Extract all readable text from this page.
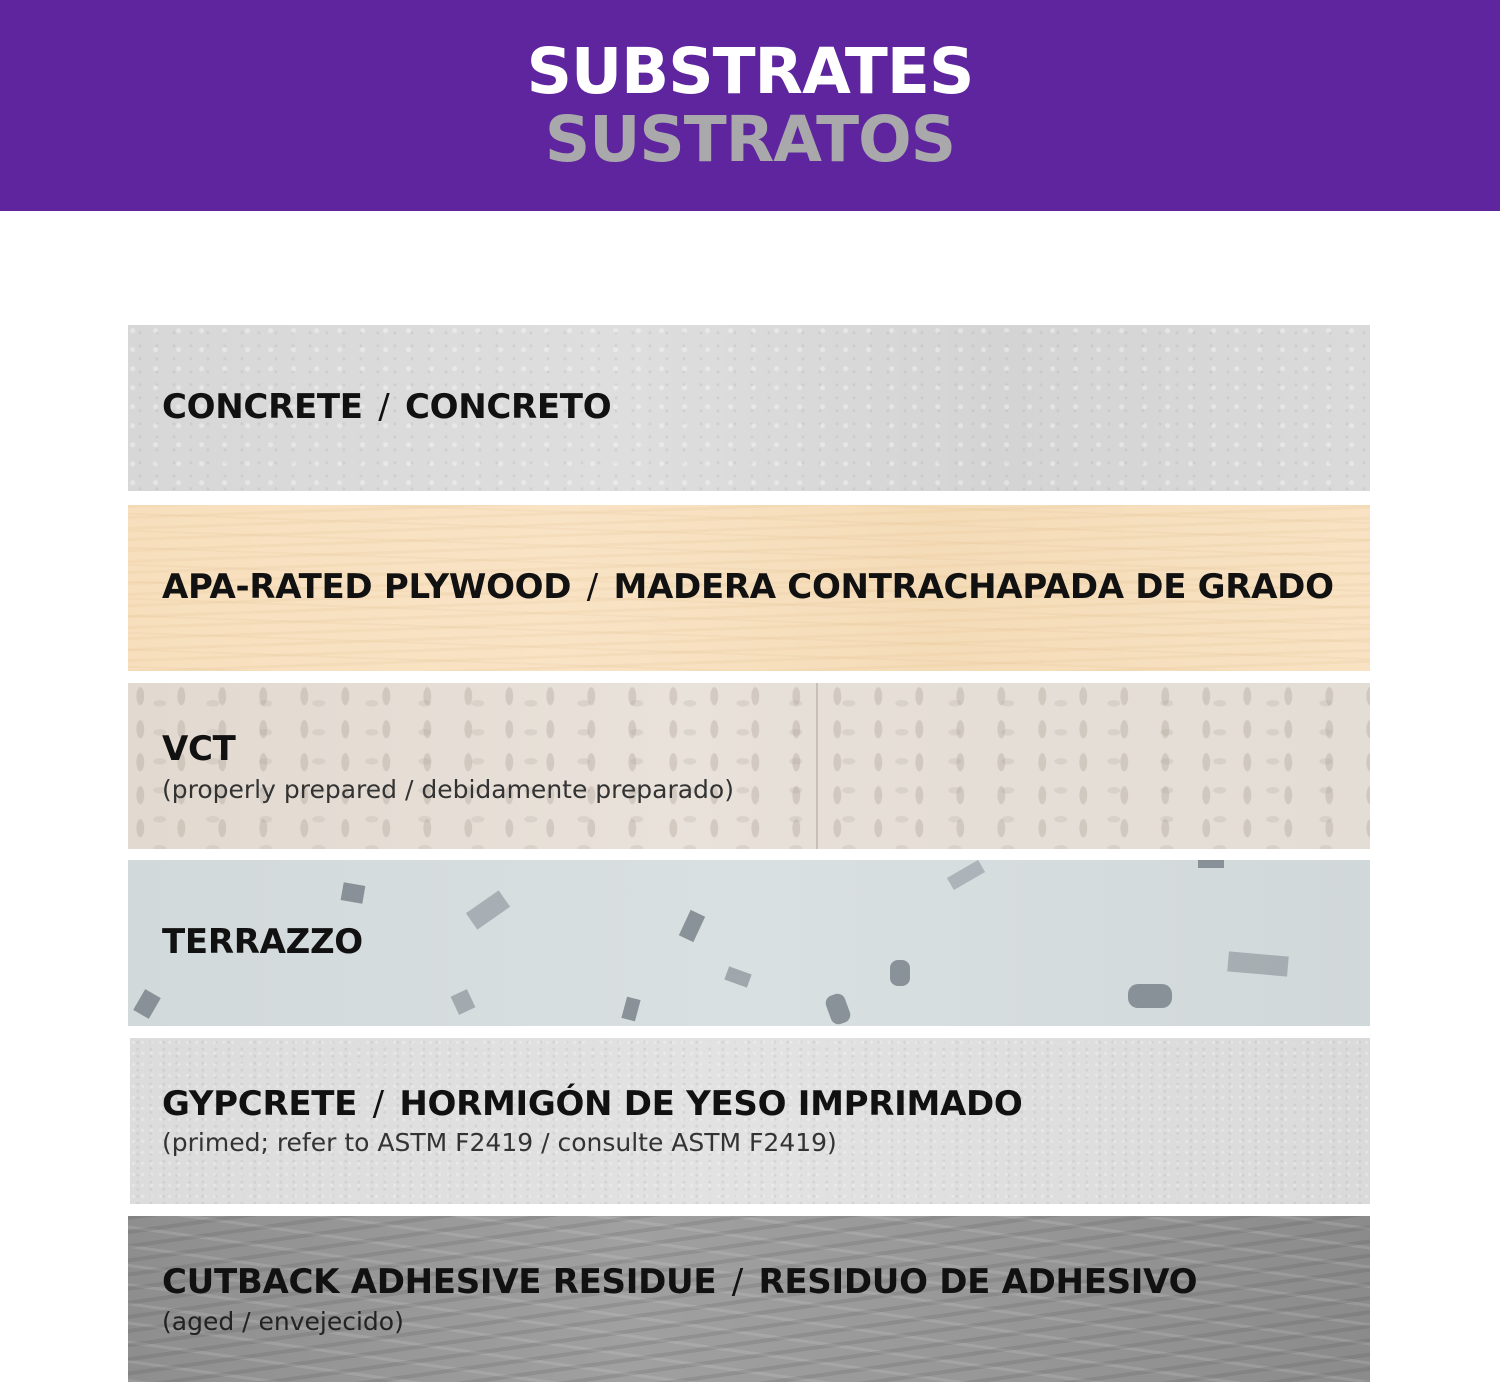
SUBSTRATES
SUSTRATOS
CONCRETE / CONCRETO
APA-RATED PLYWOOD / MADERA CONTRACHAPADA DE GRADO
VCT
(properly prepared / debidamente preparado)
TERRAZZO
GYPCRETE / HORMIGÓN DE YESO IMPRIMADO
(primed; refer to ASTM F2419 / consulte ASTM F2419)
CUTBACK ADHESIVE RESIDUE / RESIDUO DE ADHESIVO
(aged / envejecido)
